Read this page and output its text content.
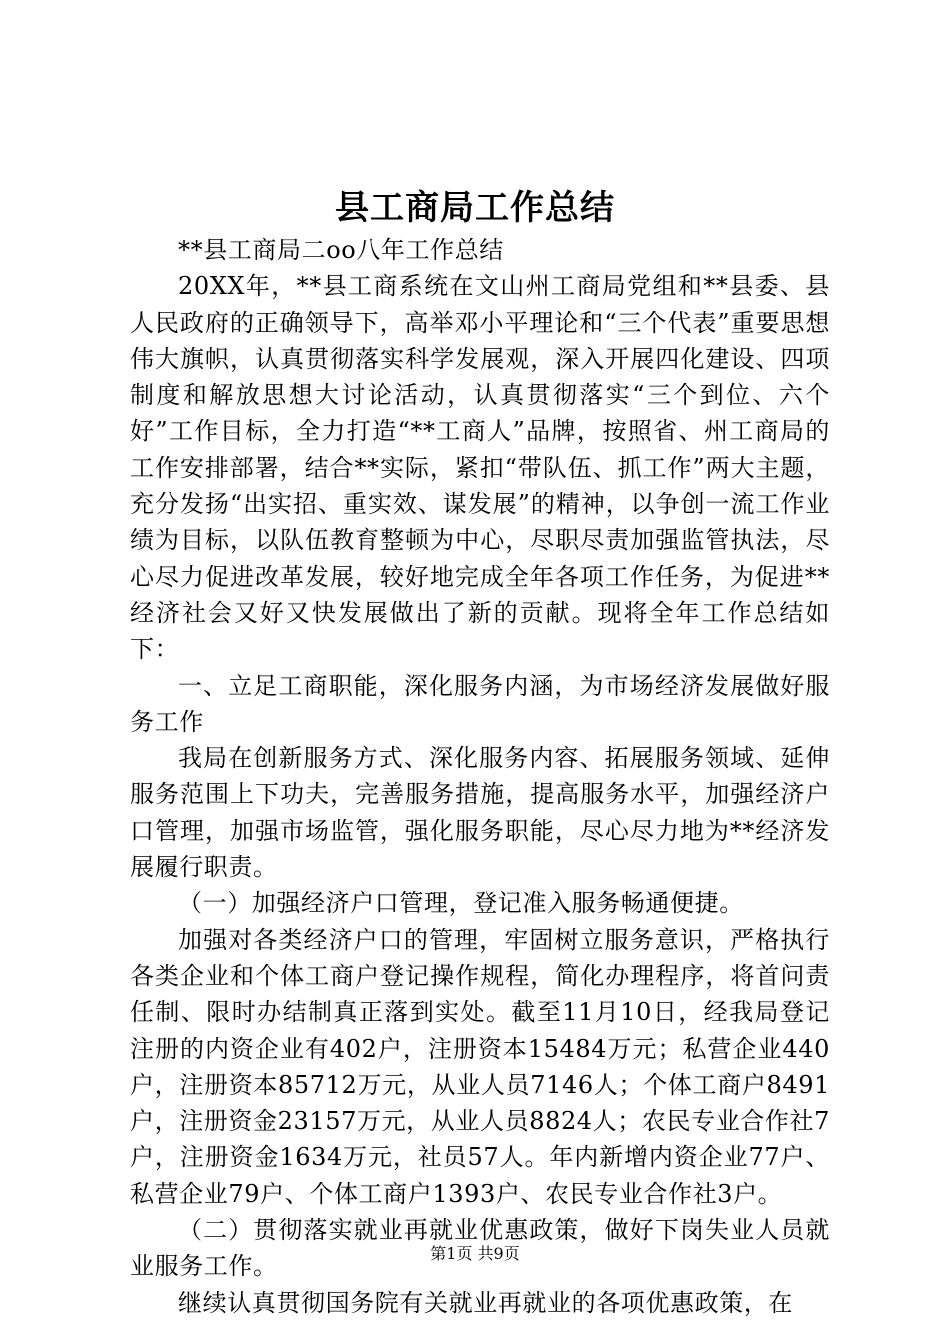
县工商局工作总结

**县工商局二oo八年工作总结

20XX年，**县工商系统在文山州工商局党组和**县委、县人民政府的正确领导下，高举邓小平理论和“三个代表”重要思想伟大旗帜，认真贯彻落实科学发展观，深入开展四化建设、四项制度和解放思想大讨论活动，认真贯彻落实“三个到位、六个好”工作目标，全力打造“**工商人”品牌，按照省、州工商局的工作安排部署，结合**实际，紧扣“带队伍、抓工作”两大主题，充分发扬“出实招、重实效、谋发展”的精神，以争创一流工作业绩为目标，以队伍教育整顿为中心，尽职尽责加强监管执法，尽心尽力促进改革发展，较好地完成全年各项工作任务，为促进**经济社会又好又快发展做出了新的贡献。现将全年工作总结如下：

一、立足工商职能，深化服务内涵，为市场经济发展做好服务工作

我局在创新服务方式、深化服务内容、拓展服务领域、延伸服务范围上下功夫，完善服务措施，提高服务水平，加强经济户口管理，加强市场监管，强化服务职能，尽心尽力地为**经济发展履行职责。

（一）加强经济户口管理，登记准入服务畅通便捷。

加强对各类经济户口的管理，牢固树立服务意识，严格执行各类企业和个体工商户登记操作规程，简化办理程序，将首问责任制、限时办结制真正落到实处。截至11月10日，经我局登记注册的内资企业有402户，注册资本15484万元；私营企业440户，注册资本85712万元，从业人员7146人；个体工商户8491户，注册资金23157万元，从业人员8824人；农民专业合作社7户，注册资金1634万元，社员57人。年内新增内资企业77户、私营企业79户、个体工商户1393户、农民专业合作社3户。

（二）贯彻落实就业再就业优惠政策，做好下岗失业人员就业服务工作。

继续认真贯彻国务院有关就业再就业的各项优惠政策，在

第1页 共9页
